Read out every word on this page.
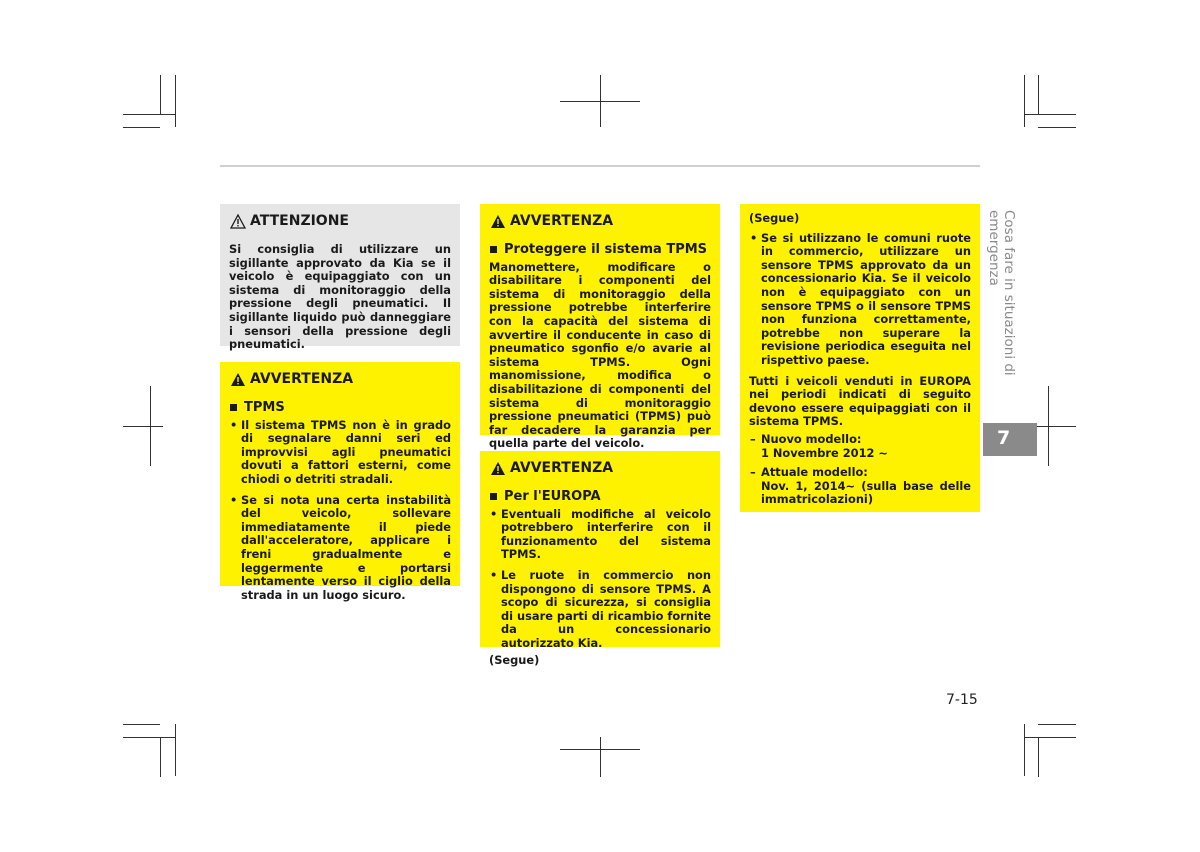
ATTENZIONE

Si consiglia di utilizzare un sigillante approvato da Kia se il veicolo è equipaggiato con un sistema di monitoraggio della pressione degli pneumatici. Il sigillante liquido può danneggiare i sensori della pressione degli pneumatici.

AVVERTENZA
TPMS
• Il sistema TPMS non è in grado di segnalare danni seri ed improvvisi agli pneumatici dovuti a fattori esterni, come chiodi o detriti stradali.
• Se si nota una certa instabilità del veicolo, sollevare immediatamente il piede dall'acceleratore, applicare i freni gradualmente e leggermente e portarsi lentamente verso il ciglio della strada in un luogo sicuro.
AVVERTENZA
Proteggere il sistema TPMS

Manomettere, modificare o disabilitare i componenti del sistema di monitoraggio della pressione potrebbe interferire con la capacità del sistema di avvertire il conducente in caso di pneumatico sgonfio e/o avarie al sistema TPMS. Ogni manomissione, modifica o disabilitazione di componenti del sistema di monitoraggio pressione pneumatici (TPMS) può far decadere la garanzia per quella parte del veicolo.

AVVERTENZA
Per l'EUROPA
• Eventuali modifiche al veicolo potrebbero interferire con il funzionamento del sistema TPMS.
• Le ruote in commercio non dispongono di sensore TPMS. A scopo di sicurezza, si consiglia di usare parti di ricambio fornite da un concessionario autorizzato Kia.

(Segue)

(Segue)

• Se si utilizzano le comuni ruote in commercio, utilizzare un sensore TPMS approvato da un concessionario Kia. Se il veicolo non è equipaggiato con un sensore TPMS o il sensore TPMS non funziona correttamente, potrebbe non superare la revisione periodica eseguita nel rispettivo paese.

Tutti i veicoli venduti in EUROPA nei periodi indicati di seguito devono essere equipaggiati con il sistema TPMS.

– Nuovo modello:
1 Novembre 2012 ~
– Attuale modello:
Nov. 1, 2014~ (sulla base delle immatricolazioni)
Cosa fare in situazioni di emergenza
7
7-15
